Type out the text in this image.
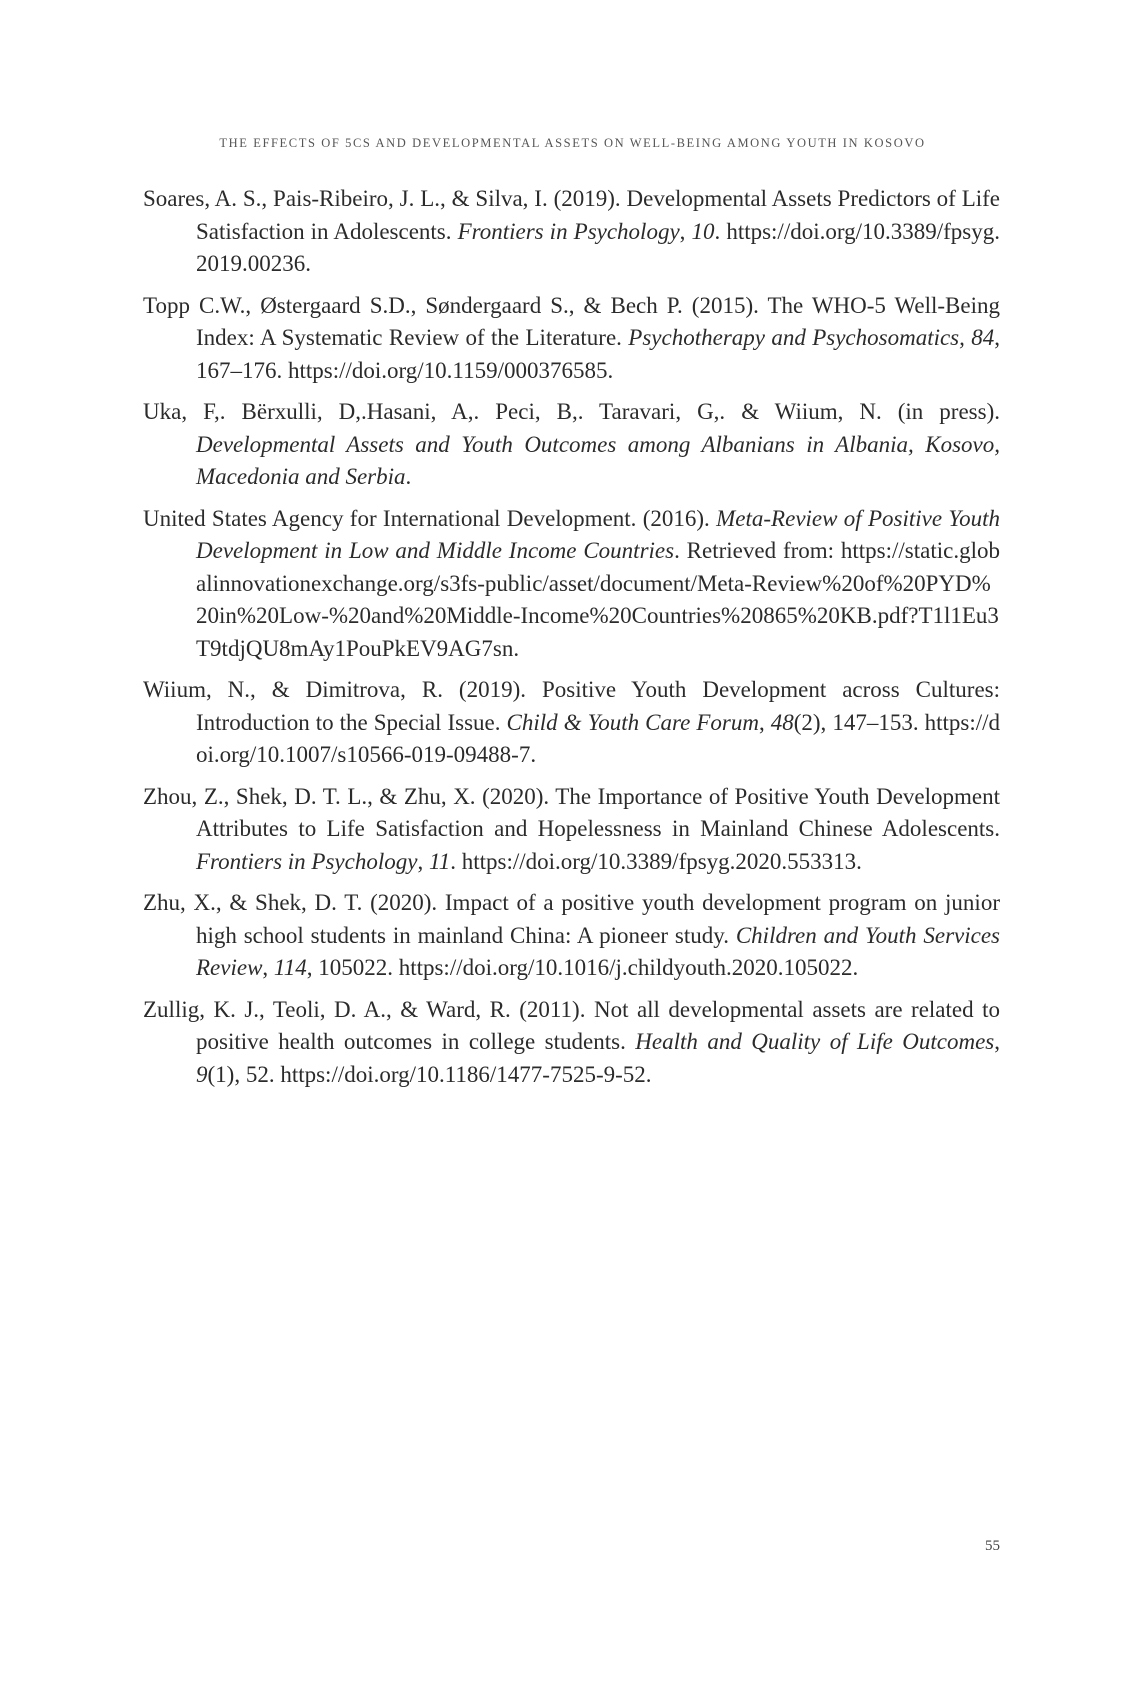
THE EFFECTS OF 5CS AND DEVELOPMENTAL ASSETS ON WELL-BEING AMONG YOUTH IN KOSOVO

Soares, A. S., Pais-Ribeiro, J. L., & Silva, I. (2019). Developmental Assets Predictors of Life Satisfaction in Adolescents. Frontiers in Psychology, 10. https://doi.org/10.3389/fpsyg.2019.00236.

Topp C.W., Østergaard S.D., Søndergaard S., & Bech P. (2015). The WHO-5 Well-Being Index: A Systematic Review of the Literature. Psychotherapy and Psychosomatics, 84, 167–176. https://doi.org/10.1159/000376585.

Uka, F,. Bërxulli, D,.Hasani, A,. Peci, B,. Taravari, G,. & Wiium, N. (in press). Developmental Assets and Youth Outcomes among Albanians in Albania, Kosovo, Macedonia and Serbia.

United States Agency for International Development. (2016). Meta-Review of Positive Youth Development in Low and Middle Income Countries. Retrieved from: https://static.globalinnovationexchange.org/s3fs-public/asset/document/Meta-Review%20of%20PYD%20in%20Low-%20and%20Middle-Income%20Countries%20865%20KB.pdf?T1l1Eu3T9tdjQU8mAy1PouPkEV9AG7sn.

Wiium, N., & Dimitrova, R. (2019). Positive Youth Development across Cultures: Introduction to the Special Issue. Child & Youth Care Forum, 48(2), 147–153. https://doi.org/10.1007/s10566-019-09488-7.

Zhou, Z., Shek, D. T. L., & Zhu, X. (2020). The Importance of Positive Youth Development Attributes to Life Satisfaction and Hopelessness in Mainland Chinese Adolescents. Frontiers in Psychology, 11. https://doi.org/10.3389/fpsyg.2020.553313.

Zhu, X., & Shek, D. T. (2020). Impact of a positive youth development program on junior high school students in mainland China: A pioneer study. Children and Youth Services Review, 114, 105022. https://doi.org/10.1016/j.childyouth.2020.105022.

Zullig, K. J., Teoli, D. A., & Ward, R. (2011). Not all developmental assets are related to positive health outcomes in college students. Health and Quality of Life Outcomes, 9(1), 52. https://doi.org/10.1186/1477-7525-9-52.

55
